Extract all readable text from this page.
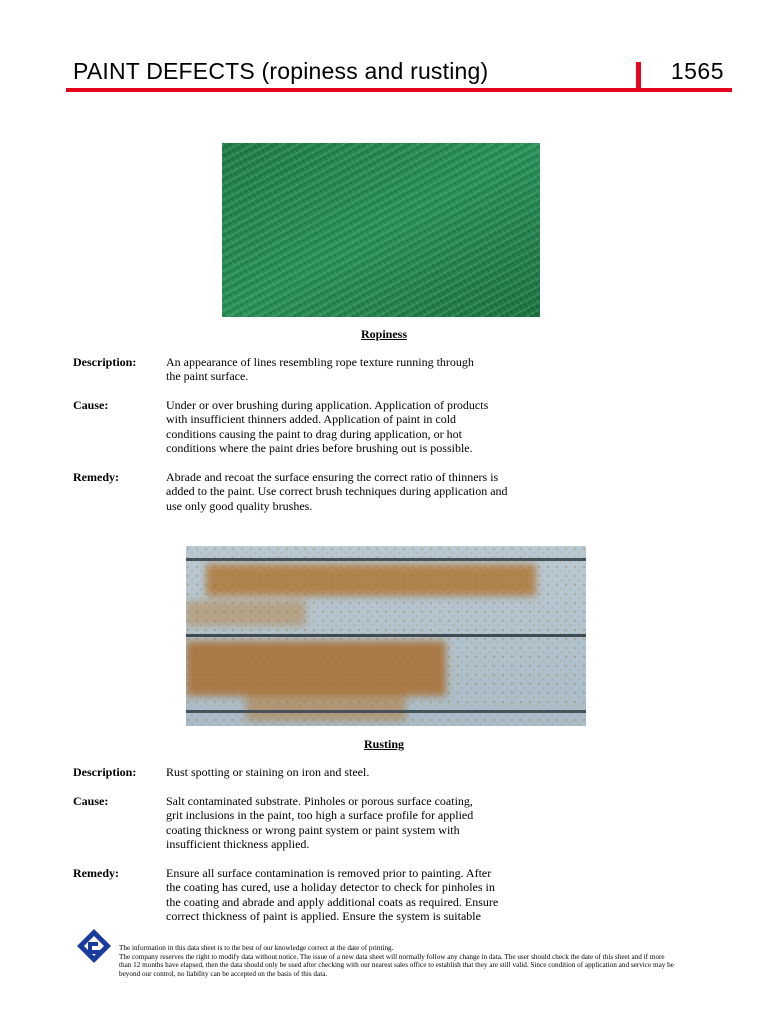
PAINT DEFECTS (ropiness and rusting)	1565
Ropiness
Description: An appearance of lines resembling rope texture running through
the paint surface.
Cause:	Under or over brushing during application. Application of products
with insufficient thinners added. Application of paint in cold
conditions causing the paint to drag during application, or hot
conditions where the paint dries before brushing out is possible.
Remedy:	Abrade and recoat the surface ensuring the correct ratio of thinners is
added to the paint. Use correct brush techniques during application and
use only good quality brushes.
Rusting
Description: Rust spotting or staining on iron and steel.
Cause:	Salt contaminated substrate. Pinholes or porous surface coating,
grit inclusions in the paint, too high a surface profile for applied
coating thickness or wrong paint system or paint system with
insufficient thickness applied.
Remedy:	Ensure all surface contamination is removed prior to painting. After
the coating has cured, use a holiday detector to check for pinholes in
the coating and abrade and apply additional coats as required. Ensure
correct thickness of paint is applied. Ensure the system is suitable
The information in this data sheet is to the best of our knowledge correct at the date of printing.
The company reserves the right to modify data without notice. The issue of a new data sheet will normally follow any change in data. The user should check the date of this sheet and if more
than 12 months have elapsed, then the data should only be used after checking with our nearest sales office to establish that they are still valid. Since condition of application and service may be
beyond our control, no liability can be accepted on the basis of this data.
